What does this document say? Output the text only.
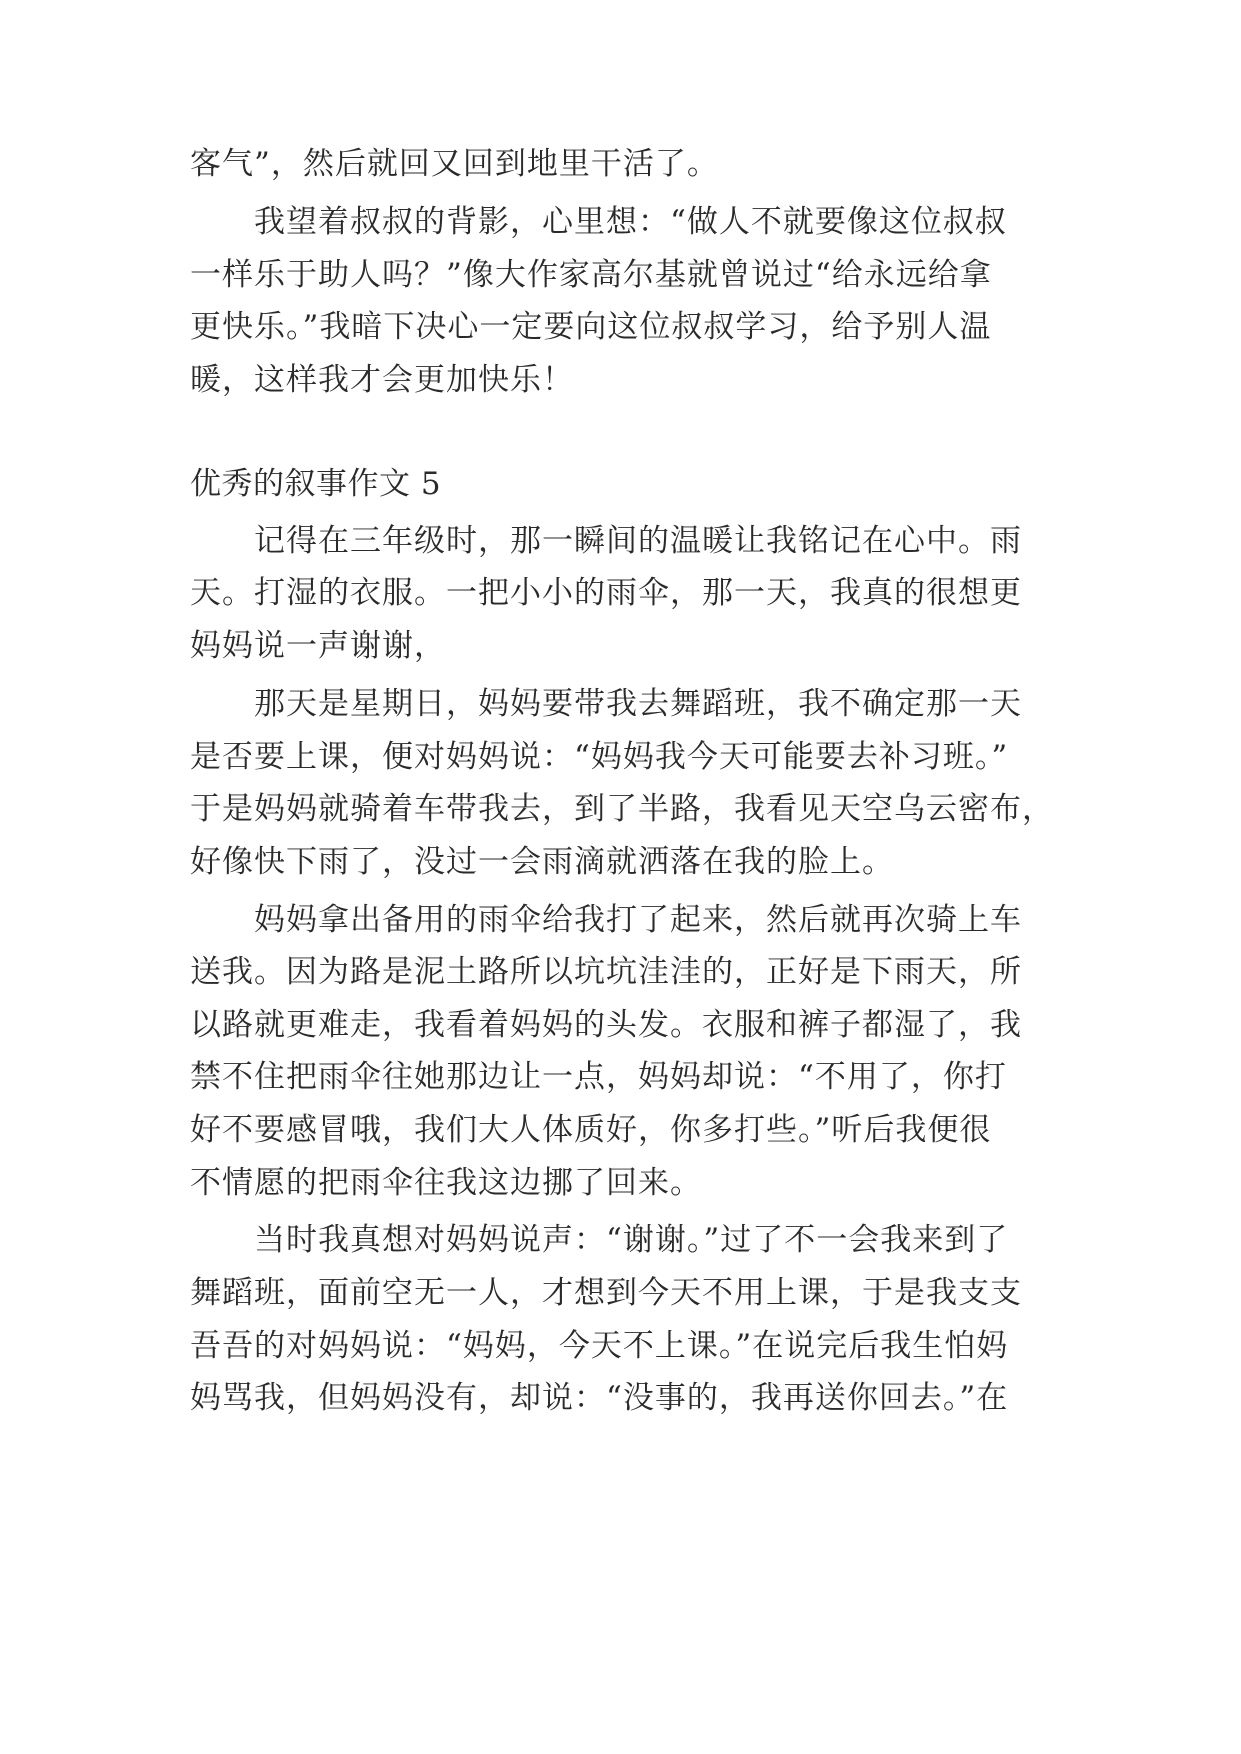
客气”，然后就回又回到地里干活了。

　　我望着叔叔的背影，心里想：“做人不就要像这位叔叔

一样乐于助人吗？”像大作家高尔基就曾说过“给永远给拿

更快乐。”我暗下决心一定要向这位叔叔学习，给予别人温

暖，这样我才会更加快乐！

优秀的叙事作文 5

　　记得在三年级时，那一瞬间的温暖让我铭记在心中。雨

天。打湿的衣服。一把小小的雨伞，那一天，我真的很想更

妈妈说一声谢谢，

　　那天是星期日，妈妈要带我去舞蹈班，我不确定那一天

是否要上课，便对妈妈说：“妈妈我今天可能要去补习班。”

于是妈妈就骑着车带我去，到了半路，我看见天空乌云密布，

好像快下雨了，没过一会雨滴就洒落在我的脸上。

　　妈妈拿出备用的雨伞给我打了起来，然后就再次骑上车

送我。因为路是泥土路所以坑坑洼洼的，正好是下雨天，所

以路就更难走，我看着妈妈的头发。衣服和裤子都湿了，我

禁不住把雨伞往她那边让一点，妈妈却说：“不用了，你打

好不要感冒哦，我们大人体质好，你多打些。”听后我便很

不情愿的把雨伞往我这边挪了回来。

　　当时我真想对妈妈说声：“谢谢。”过了不一会我来到了

舞蹈班，面前空无一人，才想到今天不用上课，于是我支支

吾吾的对妈妈说：“妈妈，今天不上课。”在说完后我生怕妈

妈骂我，但妈妈没有，却说：“没事的，我再送你回去。”在
